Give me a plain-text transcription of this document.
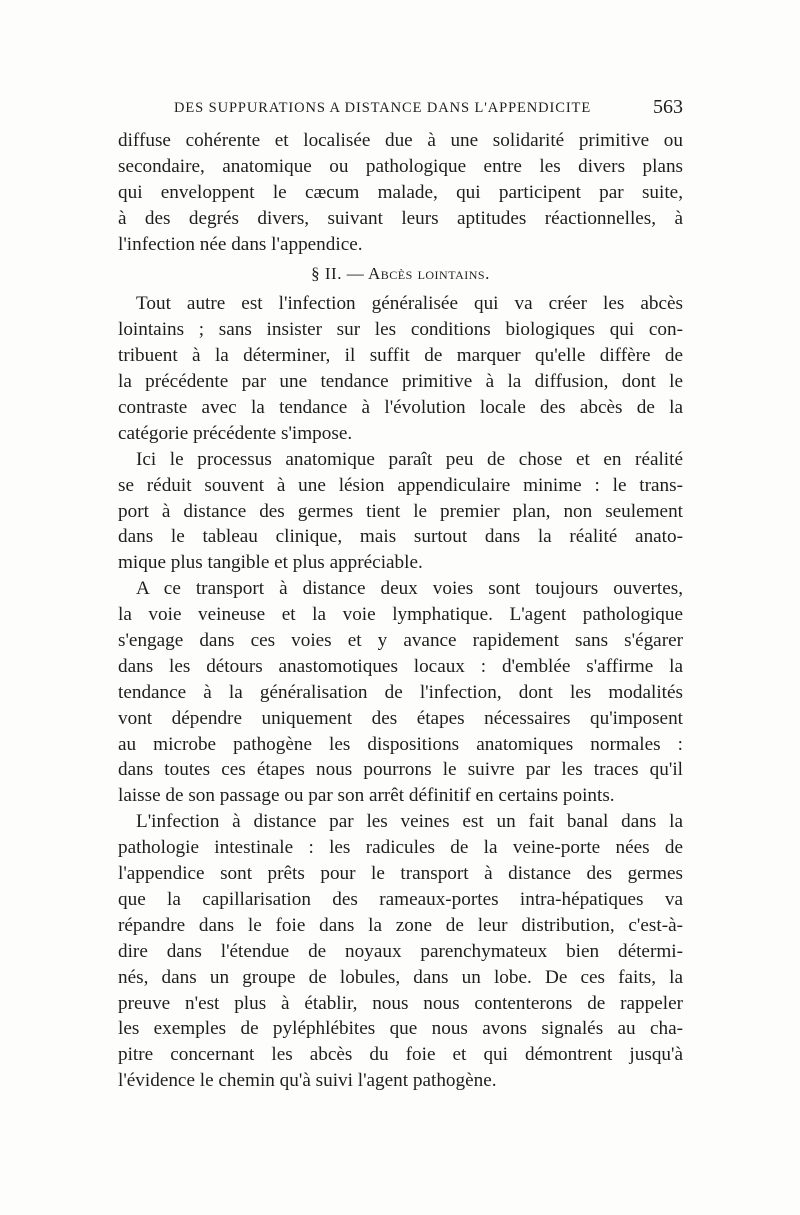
DES SUPPURATIONS A DISTANCE DANS L'APPENDICITE	563
diffuse cohérente et localisée due à une solidarité primitive ou
secondaire, anatomique ou pathologique entre les divers plans
qui enveloppent le cæcum malade, qui participent par suite,
à des degrés divers, suivant leurs aptitudes réactionnelles, à
l'infection née dans l'appendice.
§ II. — Abcès lointains.
Tout autre est l'infection généralisée qui va créer les abcès
lointains ; sans insister sur les conditions biologiques qui con-
tribuent à la déterminer, il suffit de marquer qu'elle diffère de
la précédente par une tendance primitive à la diffusion, dont le
contraste avec la tendance à l'évolution locale des abcès de la
catégorie précédente s'impose.
Ici le processus anatomique paraît peu de chose et en réalité
se réduit souvent à une lésion appendiculaire minime : le trans-
port à distance des germes tient le premier plan, non seulement
dans le tableau clinique, mais surtout dans la réalité anato-
mique plus tangible et plus appréciable.
A ce transport à distance deux voies sont toujours ouvertes,
la voie veineuse et la voie lymphatique. L'agent pathologique
s'engage dans ces voies et y avance rapidement sans s'égarer
dans les détours anastomotiques locaux : d'emblée s'affirme la
tendance à la généralisation de l'infection, dont les modalités
vont dépendre uniquement des étapes nécessaires qu'imposent
au microbe pathogène les dispositions anatomiques normales :
dans toutes ces étapes nous pourrons le suivre par les traces qu'il
laisse de son passage ou par son arrêt définitif en certains points.
L'infection à distance par les veines est un fait banal dans la
pathologie intestinale : les radicules de la veine-porte nées de
l'appendice sont prêts pour le transport à distance des germes
que la capillarisation des rameaux-portes intra-hépatiques va
répandre dans le foie dans la zone de leur distribution, c'est-à-
dire dans l'étendue de noyaux parenchymateux bien détermi-
nés, dans un groupe de lobules, dans un lobe. De ces faits, la
preuve n'est plus à établir, nous nous contenterons de rappeler
les exemples de pyléphlébites que nous avons signalés au cha-
pitre concernant les abcès du foie et qui démontrent jusqu'à
l'évidence le chemin qu'à suivi l'agent pathogène.
